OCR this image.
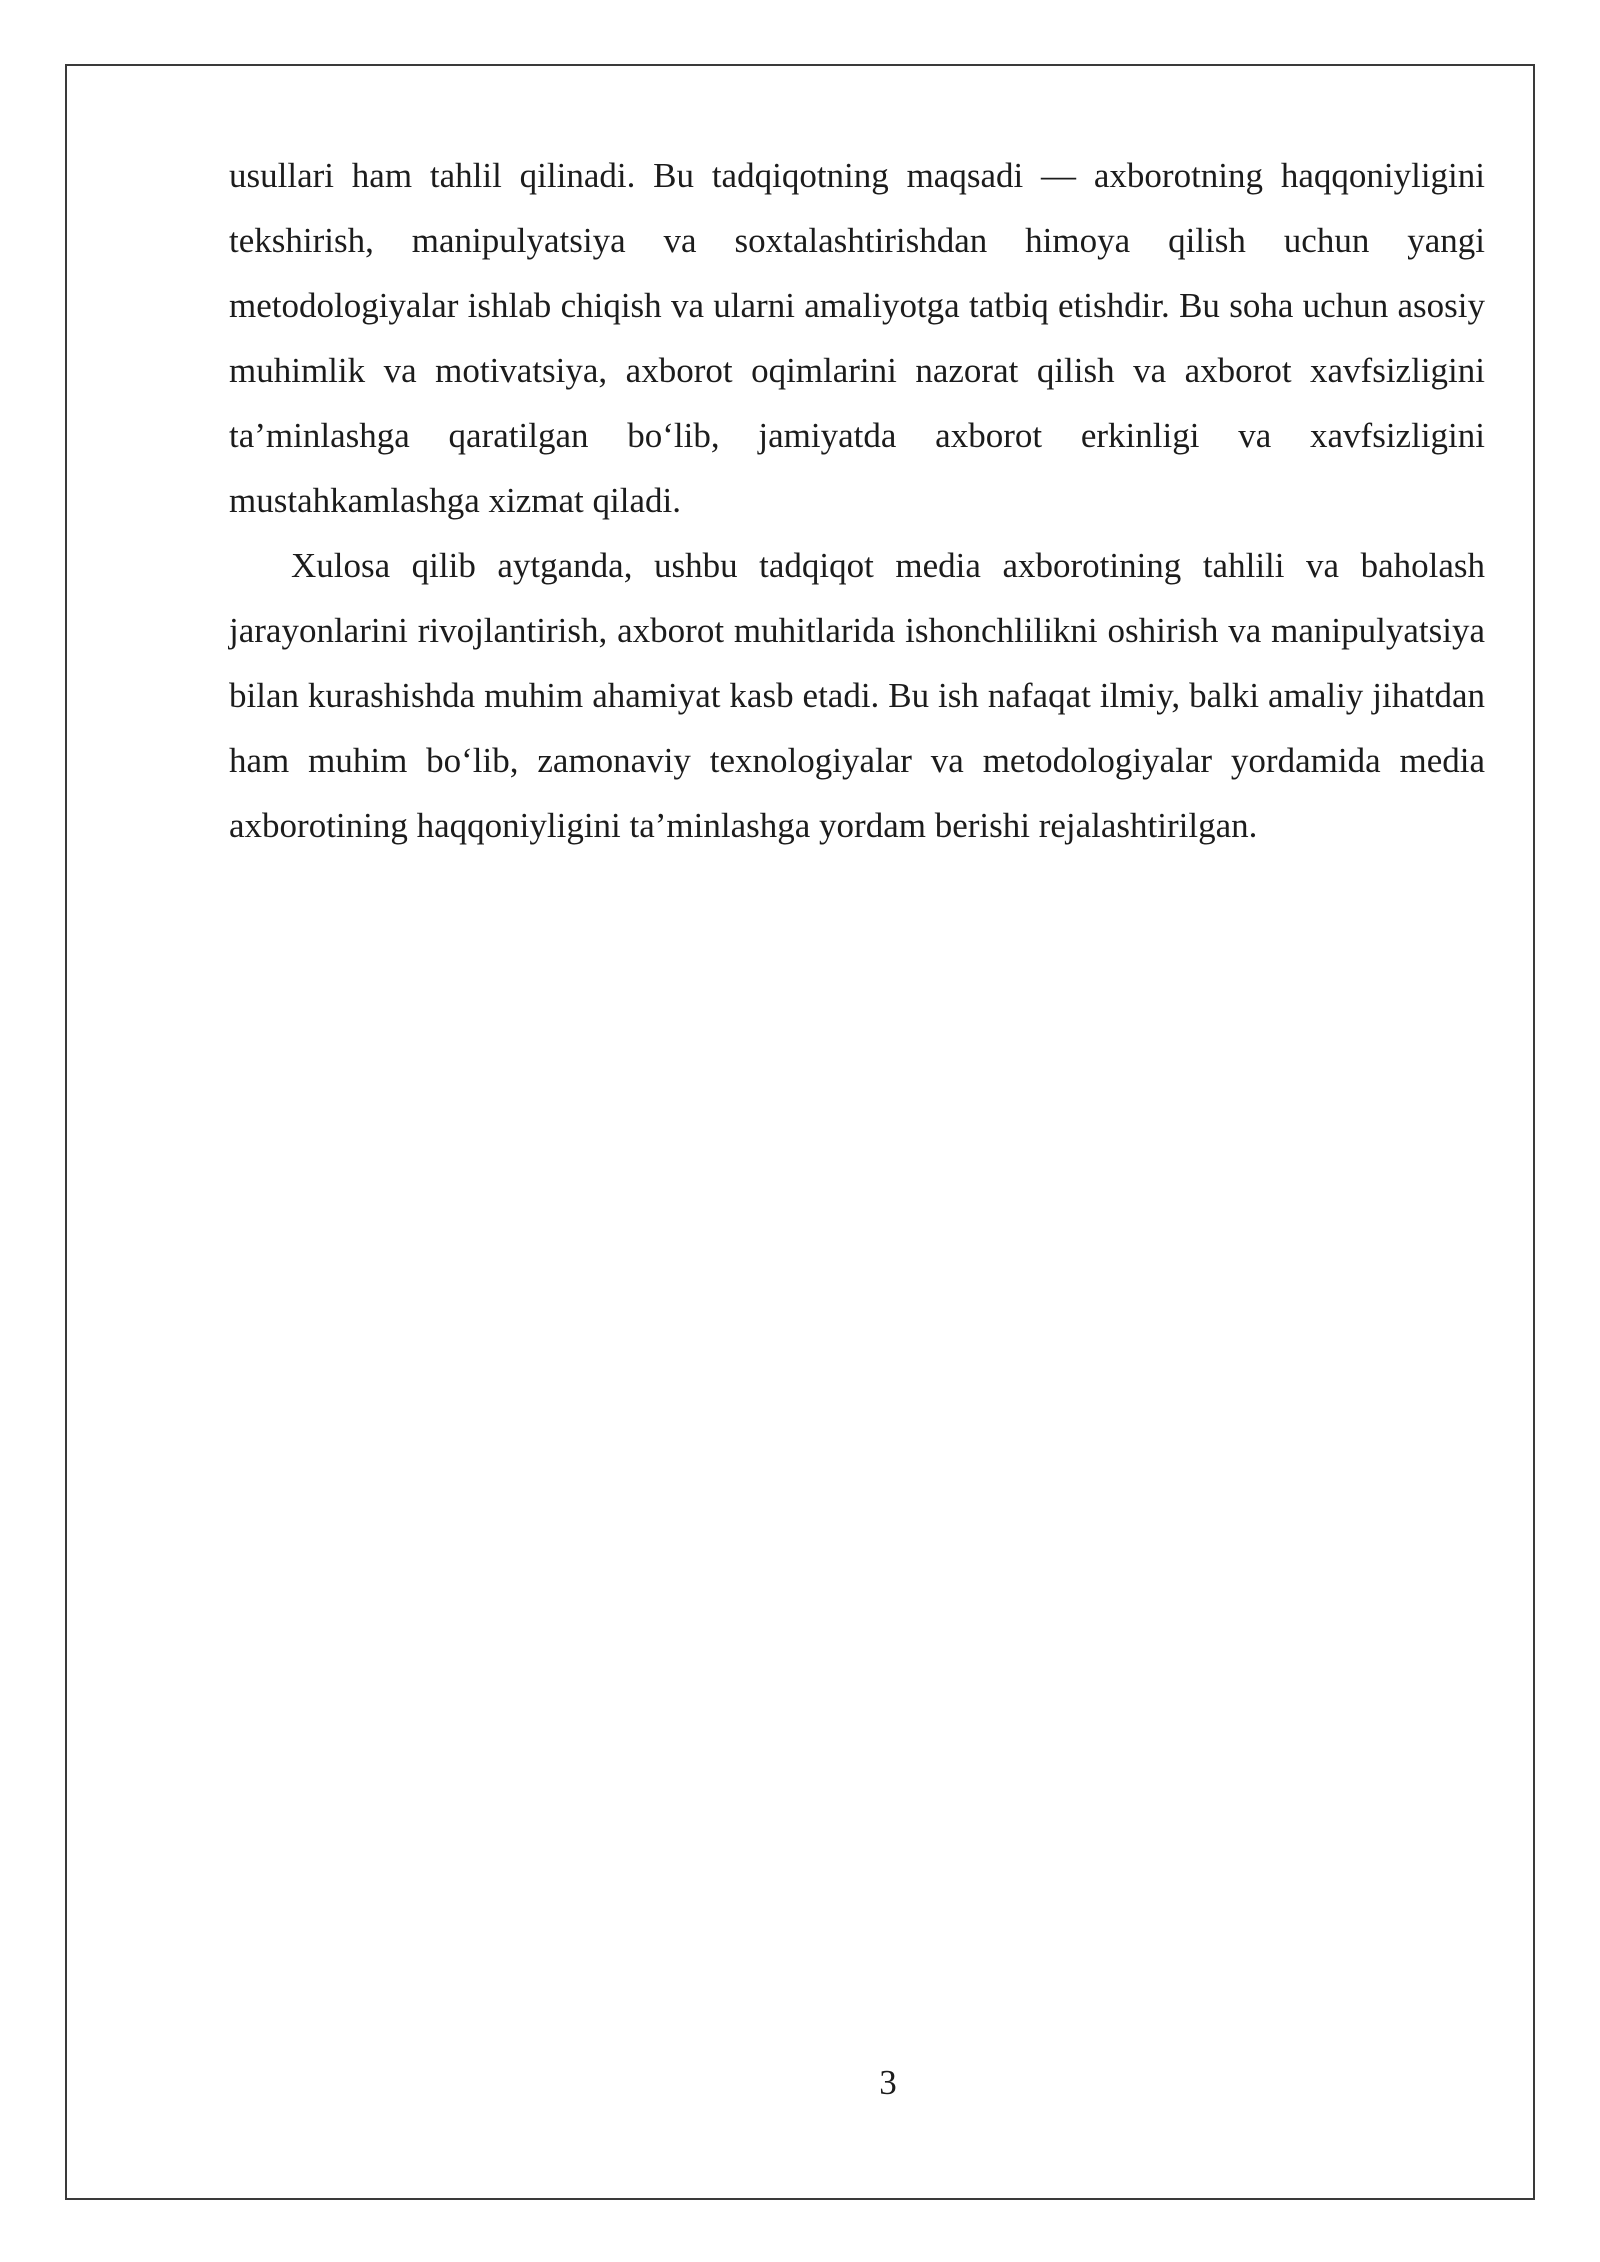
usullari ham tahlil qilinadi. Bu tadqiqotning maqsadi — axborotning haqqoniyligini tekshirish, manipulyatsiya va soxtalashtirishdan himoya qilish uchun yangi metodologiyalar ishlab chiqish va ularni amaliyotga tatbiq etishdir. Bu soha uchun asosiy muhimlik va motivatsiya, axborot oqimlarini nazorat qilish va axborot xavfsizligini ta’minlashga qaratilgan bo‘lib, jamiyatda axborot erkinligi va xavfsizligini mustahkamlashga xizmat qiladi.

Xulosa qilib aytganda, ushbu tadqiqot media axborotining tahlili va baholash jarayonlarini rivojlantirish, axborot muhitlarida ishonchlilikni oshirish va manipulyatsiya bilan kurashishda muhim ahamiyat kasb etadi. Bu ish nafaqat ilmiy, balki amaliy jihatdan ham muhim bo‘lib, zamonaviy texnologiyalar va metodologiyalar yordamida media axborotining haqqoniyligini ta’minlashga yordam berishi rejalashtirilgan.

3
